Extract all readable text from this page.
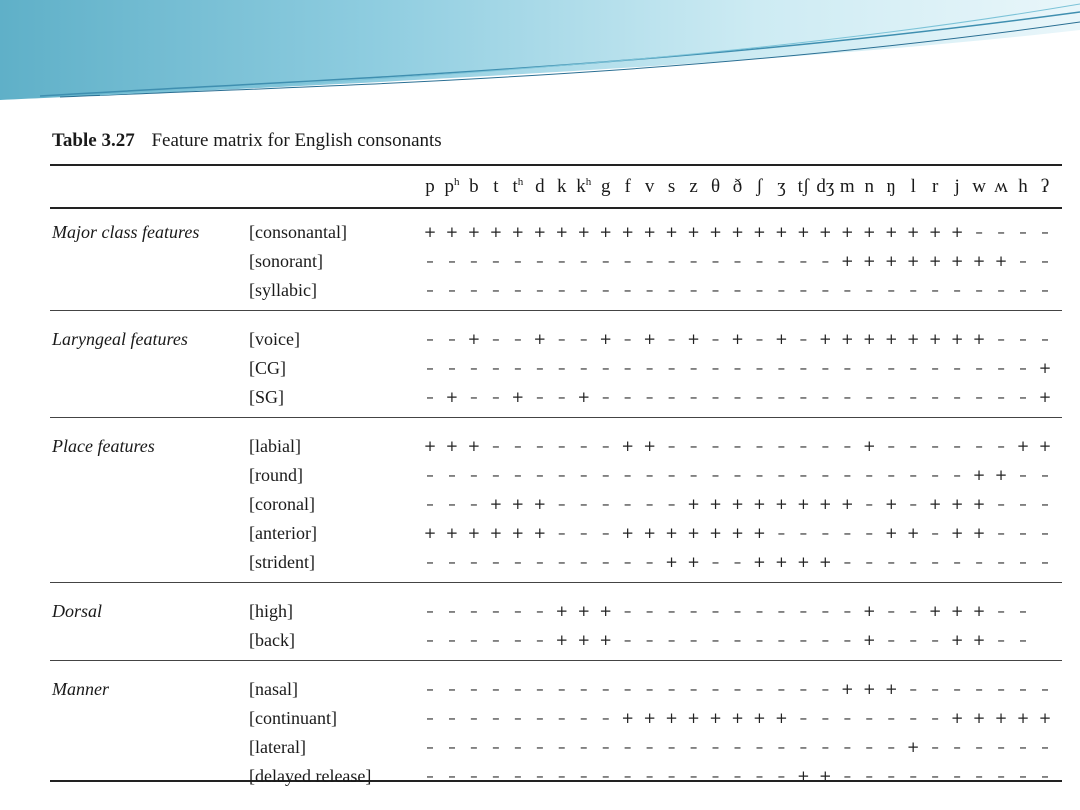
Table 3.27 Feature matrix for English consonants
p $p^h$ b t $t^h$ d k $k^h$ g f v s z θ ð ʃ ʒ tʃ dʒ m n ŋ l r j w ʍ h ʔ
Major class features	[consonantal]	+ + + + + + + + + + + + + + + + + + + + + + + + + – – – –
[sonorant]	– – – – – – – – – – – – – – – – – – – + + + + + + + + – –
[syllabic]	– – – – – – – – – – – – – – – – – – – – – – – – – – – – –
Laryngeal features	[voice]	– – + – – + – – + – + – + – + – + – + + + + + + + + – – –
[CG]	– – – – – – – – – – – – – – – – – – – – – – – – – – – – +
[SG]	– + – – + – – + – – – – – – – – – – – – – – – – – – – – +
Place features	[labial]	+ + + – – – – – – + + – – – – – – – – – + – – – – – – + +
[round]	– – – – – – – – – – – – – – – – – – – – – – – – – + + – –
[coronal]	– – – + + + – – – – – – + + + + + + + + – + – + + + – – –
[anterior]	+ + + + + + – – – + + + + + + + – – – – – + + – + + – – –
[strident]	– – – – – – – – – – – + + – – + + + + – – – – – – – – – –
Dorsal	[high]	– – – – – – + + + – – – – – – – – – – – + – – + + + – –
[back]	– – – – – – + + + – – – – – – – – – – – + – – – + + – –
Manner	[nasal]	– – – – – – – – – – – – – – – – – – – + + + – – – – – – –
[continuant]	– – – – – – – – – + + + + + + + + – – – – – – – + + + + +
[lateral]	– – – – – – – – – – – – – – – – – – – – – – + – – – – – –
[delayed release]	– – – – – – – – – – – – – – – – – + + – – – – – – – – – –
